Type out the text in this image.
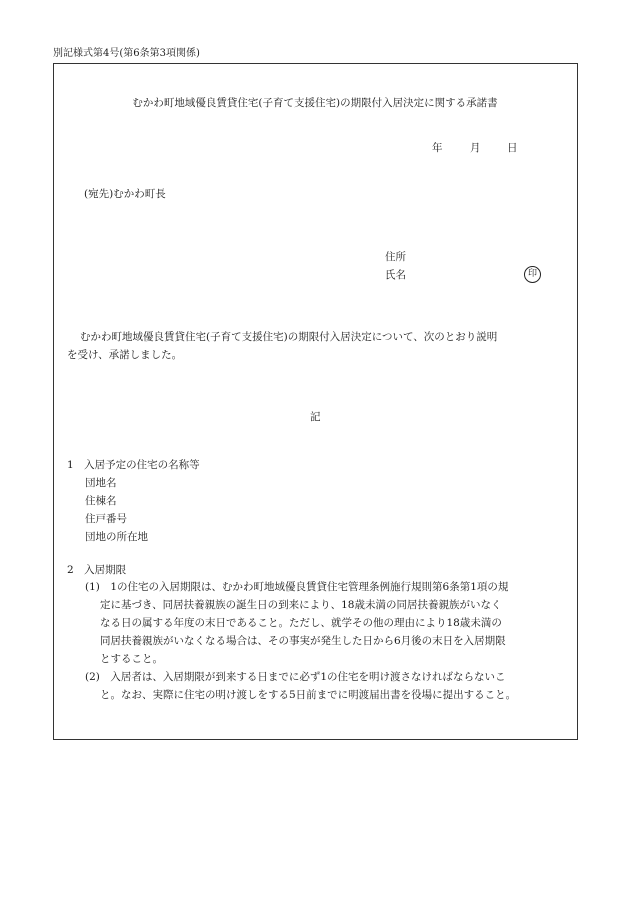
別記様式第4号(第6条第3項関係)
むかわ町地域優良賃貸住宅(子育て支援住宅)の期限付入居決定に関する承諾書
年	月	日
(宛先)むかわ町長
住所
氏名	印
むかわ町地域優良賃貸住宅(子育て支援住宅)の期限付入居決定について、次のとおり説明
を受け、承諾しました。
記
1　入居予定の住宅の名称等
団地名
住棟名
住戸番号
団地の所在地
2　入居期限
(1)　1の住宅の入居期限は、むかわ町地域優良賃貸住宅管理条例施行規則第6条第1項の規
定に基づき、同居扶養親族の誕生日の到来により、18歳未満の同居扶養親族がいなく
なる日の属する年度の末日であること。ただし、就学その他の理由により18歳未満の
同居扶養親族がいなくなる場合は、その事実が発生した日から6月後の末日を入居期限
とすること。
(2)　入居者は、入居期限が到来する日までに必ず1の住宅を明け渡さなければならないこ
と。なお、実際に住宅の明け渡しをする5日前までに明渡届出書を役場に提出すること。
